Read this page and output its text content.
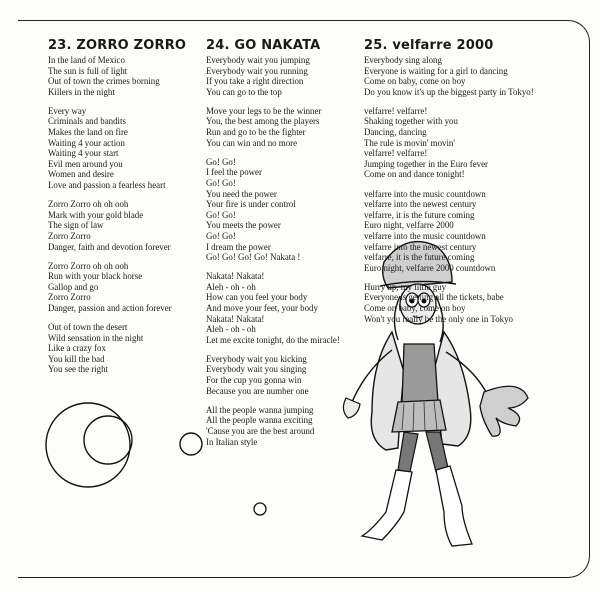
23. ZORRO ZORRO
In the land of Mexico
The sun is full of light
Out of town the crimes borning
Killers in the night
Every way
Criminals and bandits
Makes the land on fire
Waiting 4 your action
Waiting 4 your start
Evil men around you
Women and desire
Love and passion a fearless heart
Zorro Zorro oh oh ooh
Mark with your gold blade
The sign of law
Zorro Zorro
Danger, faith and devotion forever
Zorro Zorro oh oh ooh
Run with your black horse
Gallop and go
Zorro Zorro
Danger, passion and action forever
Out of town the desert
Wild sensation in the night
Like a crazy fox
You kill the bad
You see the right
24. GO NAKATA
Everybody wait you jumping
Everybody wait you running
If you take a right direction
You can go to the top
Move your legs to be the winner
You, the best among the players
Run and go to be the fighter
You can win and no more
Go! Go!
I feel the power
Go! Go!
You need the power
Your fire is under control
Go! Go!
You meets the power
Go! Go!
I dream the power
Go! Go! Go! Go! Nakata !
Nakata! Nakata!
Aleh - oh - oh
How can you feel your body
And move your feet, your body
Nakata! Nakata!
Aleh - oh - oh
Let me excite tonight, do the miracle!
Everybody wait you kicking
Everybody wait you singing
For the cup you gonna win
Because you are number one
All the people wanna jumping
All the people wanna exciting
'Cause you are the best around
In Italian style
25. velfarre 2000
Everybody sing along
Everyone is waiting for a girl to dancing
Come on baby, come on boy
Do you know it's up the biggest party in Tokyo!
velfarre! velfarre!
Shaking together with you
Dancing, dancing
The rule is movin' movin'
velfarre! velfarre!
Jumping together in the Euro fever
Come on and dance tonight!
velfarre into the music countdown
velfarre into the newest century
velfarre, it is the future coming
Euro night, velfarre 2000
velfarre into the music countdown
velfarre into the newest century
velfarre, it is the future coming
Euro night, velfarre 2000 countdown
Hurry up, my little guy
Everyone is getting all the tickets, babe
Come on baby, come on boy
Won't you really be the only one in Tokyo
